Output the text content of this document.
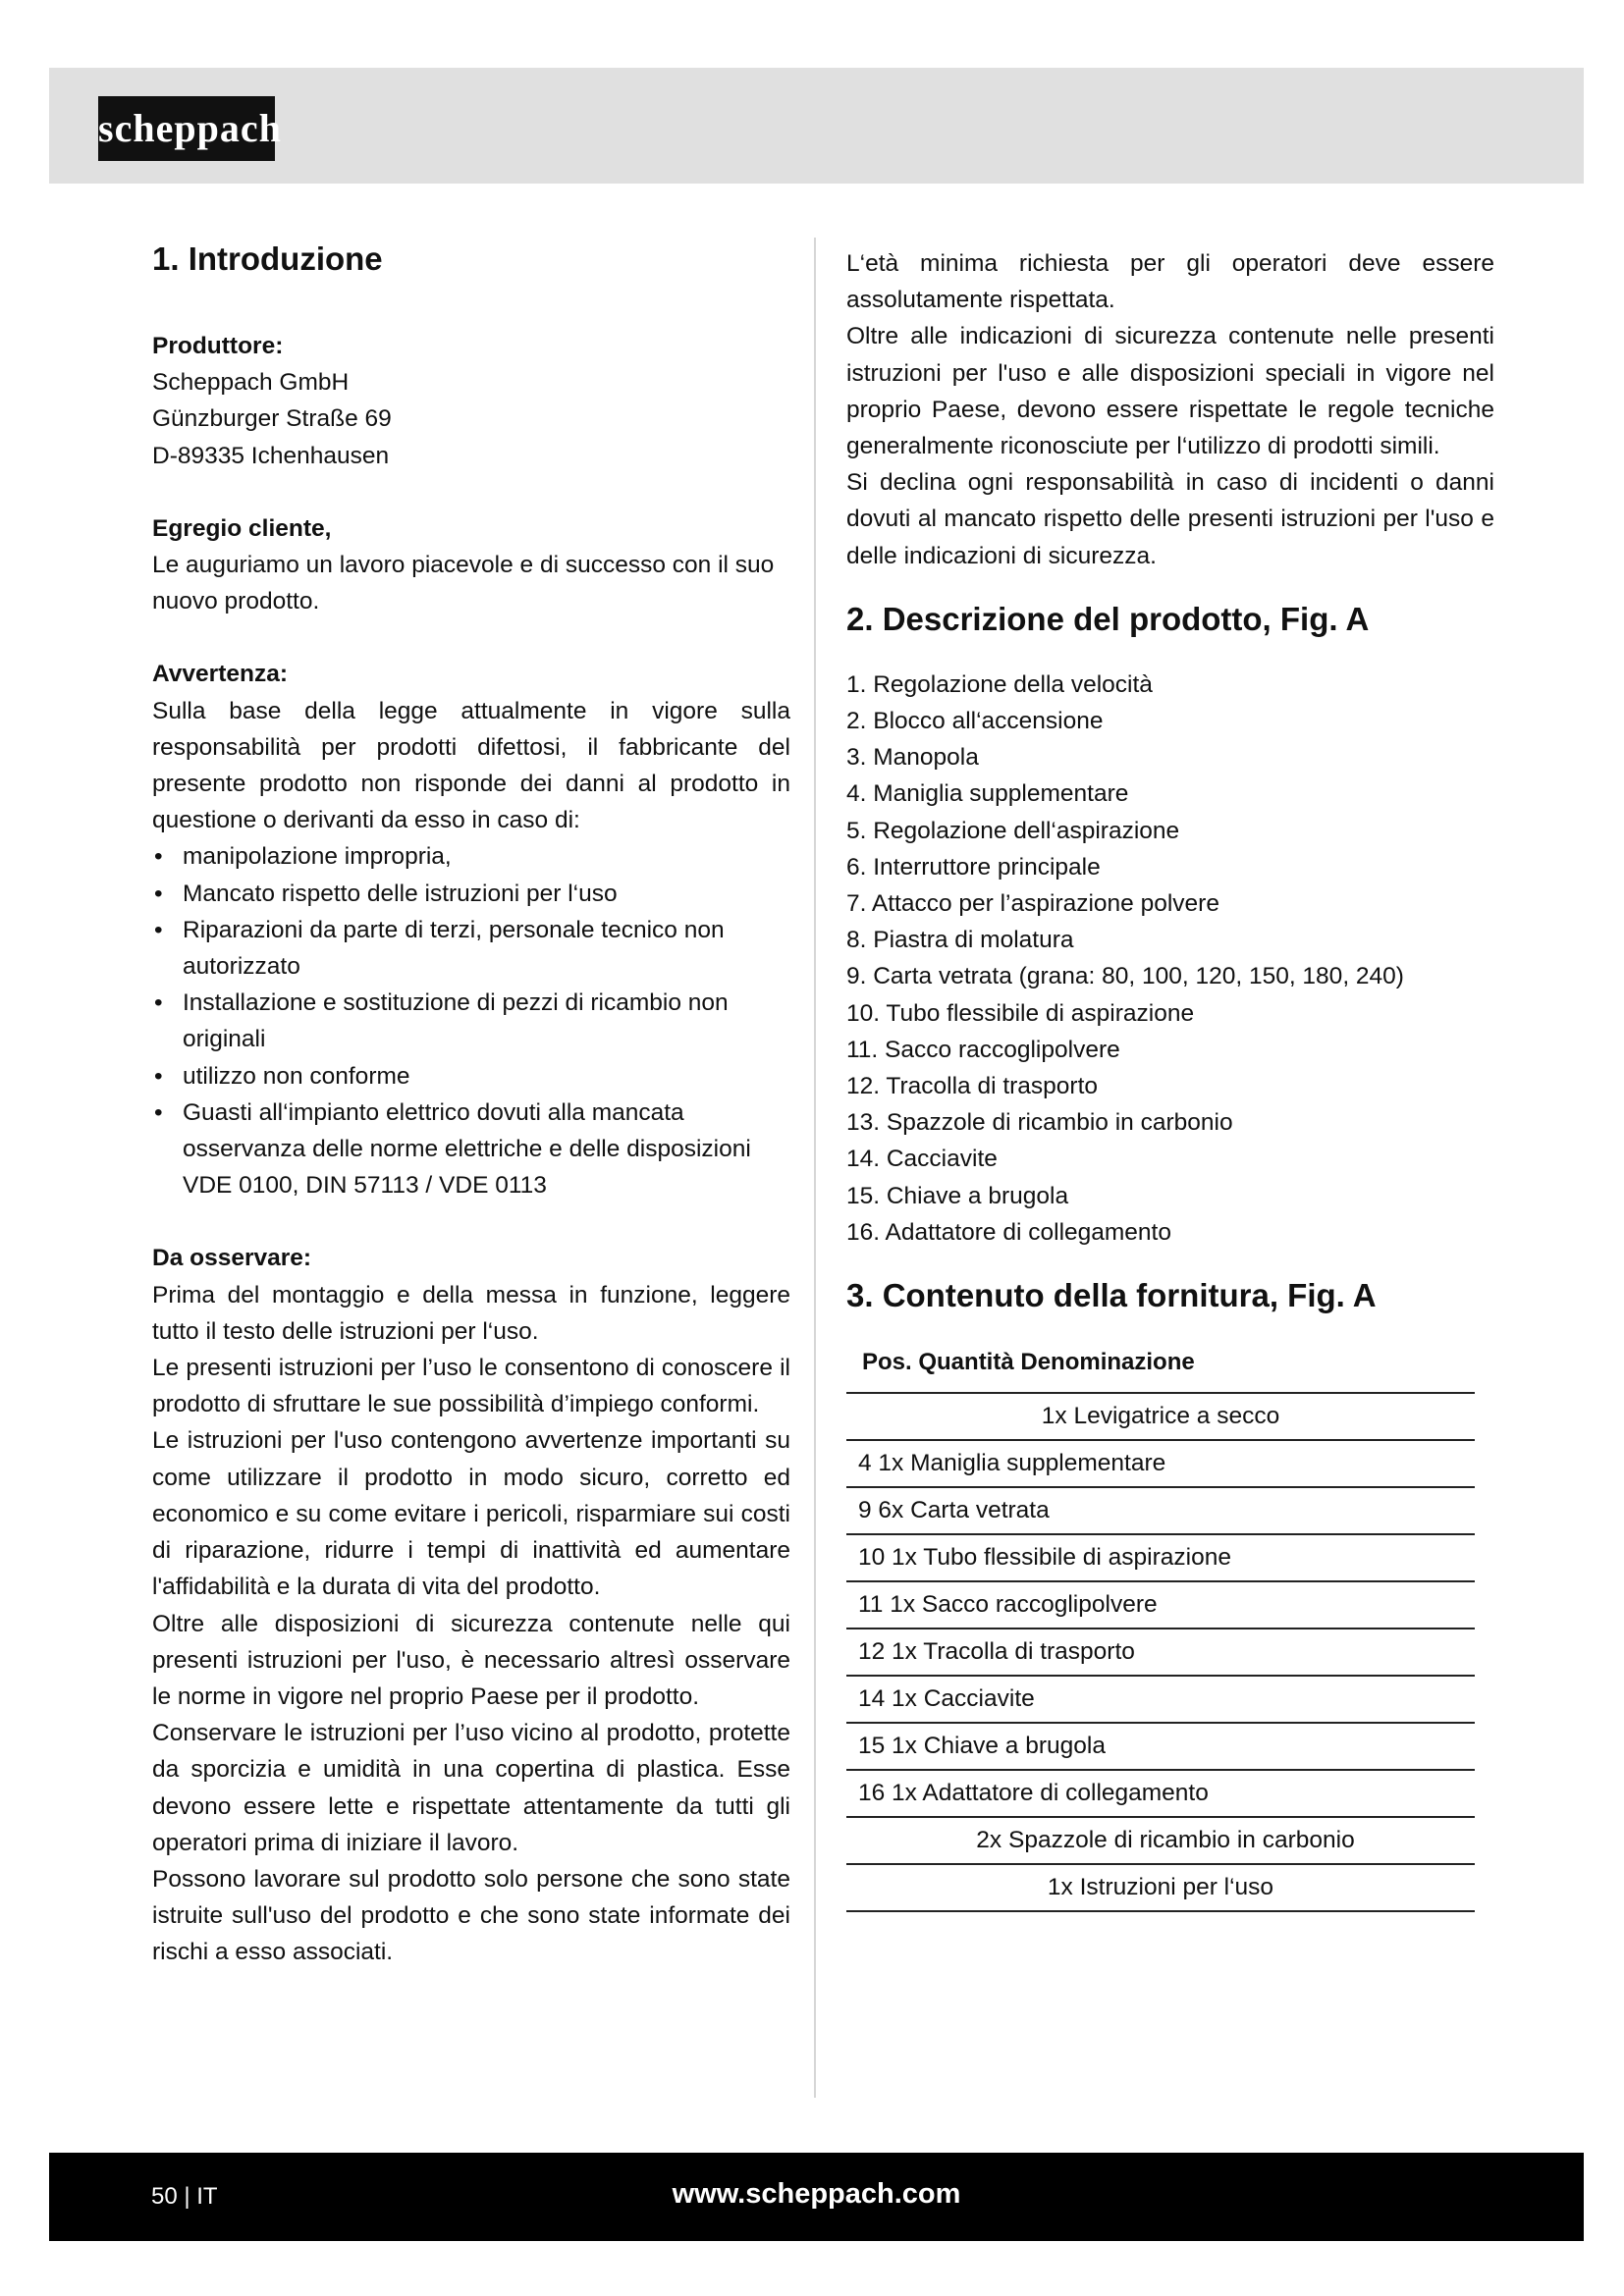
scheppach
1. Introduzione

Produttore:

Scheppach GmbH

Günzburger Straße 69

D-89335 Ichenhausen

Egregio cliente,

Le auguriamo un lavoro piacevole e di successo con il suo nuovo prodotto.

Avvertenza:

Sulla base della legge attualmente in vigore sulla responsabilità per prodotti difettosi, il fabbricante del presente prodotto non risponde dei danni al prodotto in questione o derivanti da esso in caso di:

• manipolazione impropria,
• Mancato rispetto delle istruzioni per l‘uso
• Riparazioni da parte di terzi, personale tecnico non autorizzato
• Installazione e sostituzione di pezzi di ricambio non originali
• utilizzo non conforme
• Guasti all‘impianto elettrico dovuti alla mancata osservanza delle norme elettriche e delle disposizioni VDE 0100, DIN 57113 / VDE 0113

Da osservare:

Prima del montaggio e della messa in funzione, leggere tutto il testo delle istruzioni per l‘uso.

Le presenti istruzioni per l’uso le consentono di conoscere il prodotto di sfruttare le sue possibilità d’impiego conformi.

Le istruzioni per l'uso contengono avvertenze importanti su come utilizzare il prodotto in modo sicuro, corretto ed economico e su come evitare i pericoli, risparmiare sui costi di riparazione, ridurre i tempi di inattività ed aumentare l'affidabilità e la durata di vita del prodotto.

Oltre alle disposizioni di sicurezza contenute nelle qui presenti istruzioni per l'uso, è necessario altresì osservare le norme in vigore nel proprio Paese per il prodotto.

Conservare le istruzioni per l’uso vicino al prodotto, protette da sporcizia e umidità in una copertina di plastica. Esse devono essere lette e rispettate attentamente da tutti gli operatori prima di iniziare il lavoro.

Possono lavorare sul prodotto solo persone che sono state istruite sull'uso del prodotto e che sono state informate dei rischi a esso associati.

L‘età minima richiesta per gli operatori deve essere assolutamente rispettata.

Oltre alle indicazioni di sicurezza contenute nelle presenti istruzioni per l'uso e alle disposizioni speciali in vigore nel proprio Paese, devono essere rispettate le regole tecniche generalmente riconosciute per l‘utilizzo di prodotti simili.

Si declina ogni responsabilità in caso di incidenti o danni dovuti al mancato rispetto delle presenti istruzioni per l'uso e delle indicazioni di sicurezza.

2. Descrizione del prodotto, Fig. A
1. Regolazione della velocità
2. Blocco all‘accensione
3. Manopola
4. Maniglia supplementare
5. Regolazione dell‘aspirazione
6. Interruttore principale
7. Attacco per l’aspirazione polvere
8. Piastra di molatura
9. Carta vetrata (grana: 80, 100, 120, 150, 180, 240)
10. Tubo flessibile di aspirazione
11. Sacco raccoglipolvere
12. Tracolla di trasporto
13. Spazzole di ricambio in carbonio
14. Cacciavite
15. Chiave a brugola
16. Adattatore di collegamento
3. Contenuto della fornitura, Fig. A
Pos. Quantità Denominazione
1x Levigatrice a secco
4 1x Maniglia supplementare
9 6x Carta vetrata
10 1x Tubo flessibile di aspirazione
11 1x Sacco raccoglipolvere
12 1x Tracolla di trasporto
14 1x Cacciavite
15 1x Chiave a brugola
16 1x Adattatore di collegamento
2x Spazzole di ricambio in carbonio
1x Istruzioni per l‘uso
50 | IT	www.scheppach.com
